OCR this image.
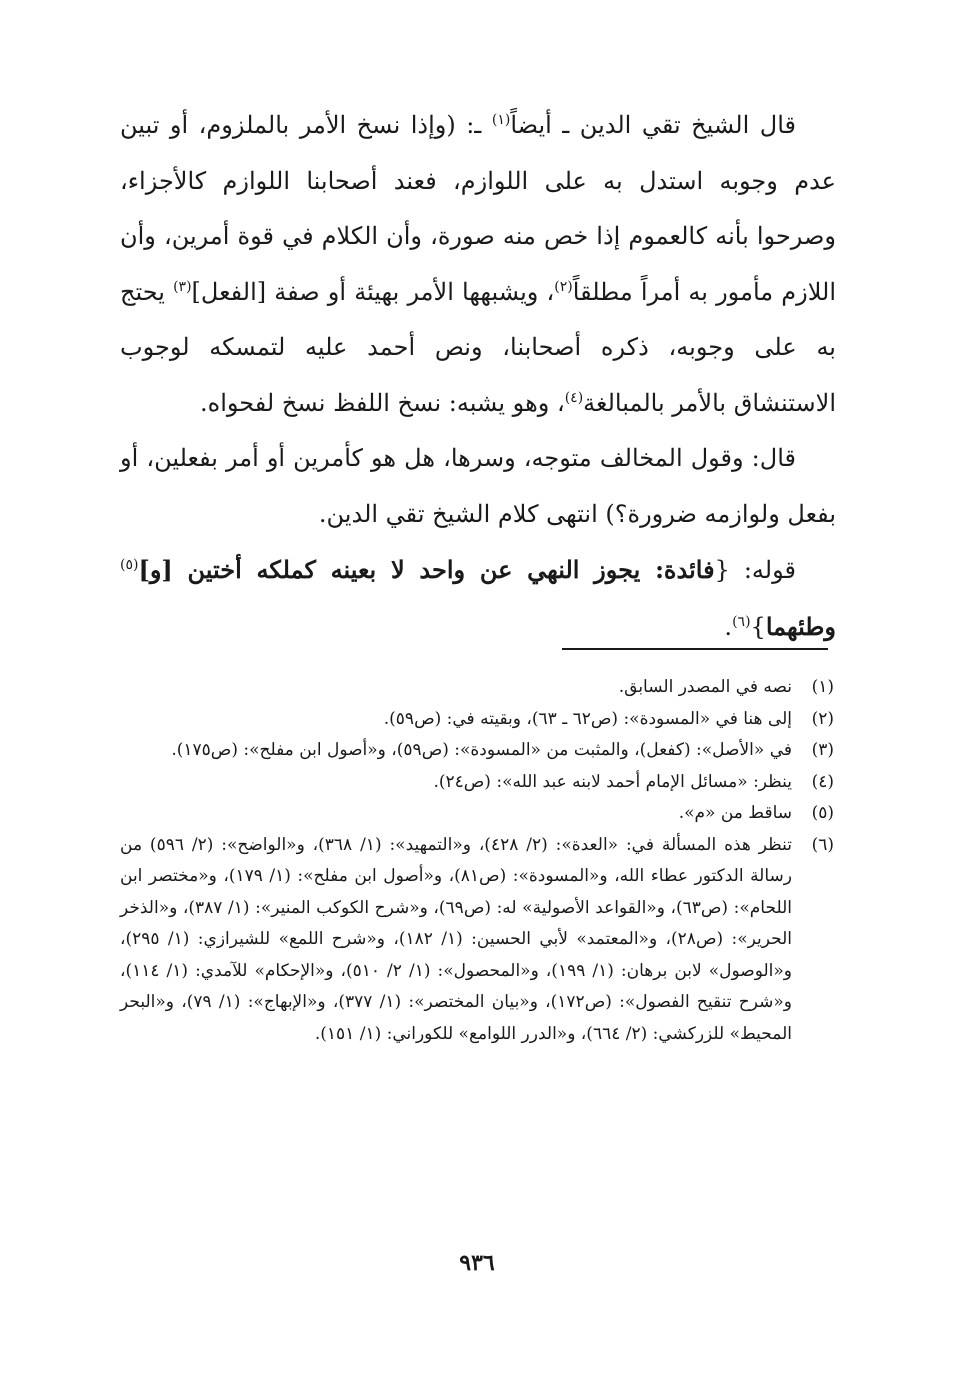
قال الشيخ تقي الدين ـ أيضاً$^{(١)}$ ـ: (وإذا نسخ الأمر بالملزوم، أو تبين عدم وجوبه استدل به على اللوازم، فعند أصحابنا اللوازم كالأجزاء، وصرحوا بأنه كالعموم إذا خص منه صورة، وأن الكلام في قوة أمرين، وأن اللازم مأمور به أمراً مطلقاً$^{(٢)}$، ويشبهها الأمر بهيئة أو صفة [الفعل]$^{(٣)}$ يحتج به على وجوبه، ذكره أصحابنا، ونص أحمد عليه لتمسكه لوجوب الاستنشاق بالأمر بالمبالغة$^{(٤)}$، وهو يشبه: نسخ اللفظ نسخ لفحواه.

قال: وقول المخالف متوجه، وسرها، هل هو كأمرين أو أمر بفعلين، أو بفعل ولوازمه ضرورة؟) انتهى كلام الشيخ تقي الدين.

قوله: {فائدة: يجوز النهي عن واحد لا بعينه كملكه أختين [و]$^{(٥)}$ وطئهما}$^{(٦)}$.

(١)
نصه في المصدر السابق.
(٢)
إلى هنا في «المسودة»: (ص٦٢ ـ ٦٣)، وبقيته في: (ص٥٩).
(٣)
في «الأصل»: (كفعل)، والمثبت من «المسودة»: (ص٥٩)، و«أصول ابن مفلح»: (ص١٧٥).
(٤)
ينظر: «مسائل الإمام أحمد لابنه عبد الله»: (ص٢٤).
(٥)
ساقط من «م».
(٦)
تنظر هذه المسألة في: «العدة»: (٢/ ٤٢٨)، و«التمهيد»: (١/ ٣٦٨)، و«الواضح»: (٢/ ٥٩٦) من رسالة الدكتور عطاء الله، و«المسودة»: (ص٨١)، و«أصول ابن مفلح»: (١/ ١٧٩)، و«مختصر ابن اللحام»: (ص٦٣)، و«القواعد الأصولية» له: (ص٦٩)، و«شرح الكوكب المنير»: (١/ ٣٨٧)، و«الذخر الحرير»: (ص٢٨)، و«المعتمد» لأبي الحسين: (١/ ١٨٢)، و«شرح اللمع» للشيرازي: (١/ ٢٩٥)، و«الوصول» لابن برهان: (١/ ١٩٩)، و«المحصول»: (١/ ٢/ ٥١٠)، و«الإحكام» للآمدي: (١/ ١١٤)، و«شرح تنقيح الفصول»: (ص١٧٢)، و«بيان المختصر»: (١/ ٣٧٧)، و«الإبهاج»: (١/ ٧٩)، و«البحر المحيط» للزركشي: (٢/ ٦٦٤)، و«الدرر اللوامع» للكوراني: (١/ ١٥١).
٩٣٦
